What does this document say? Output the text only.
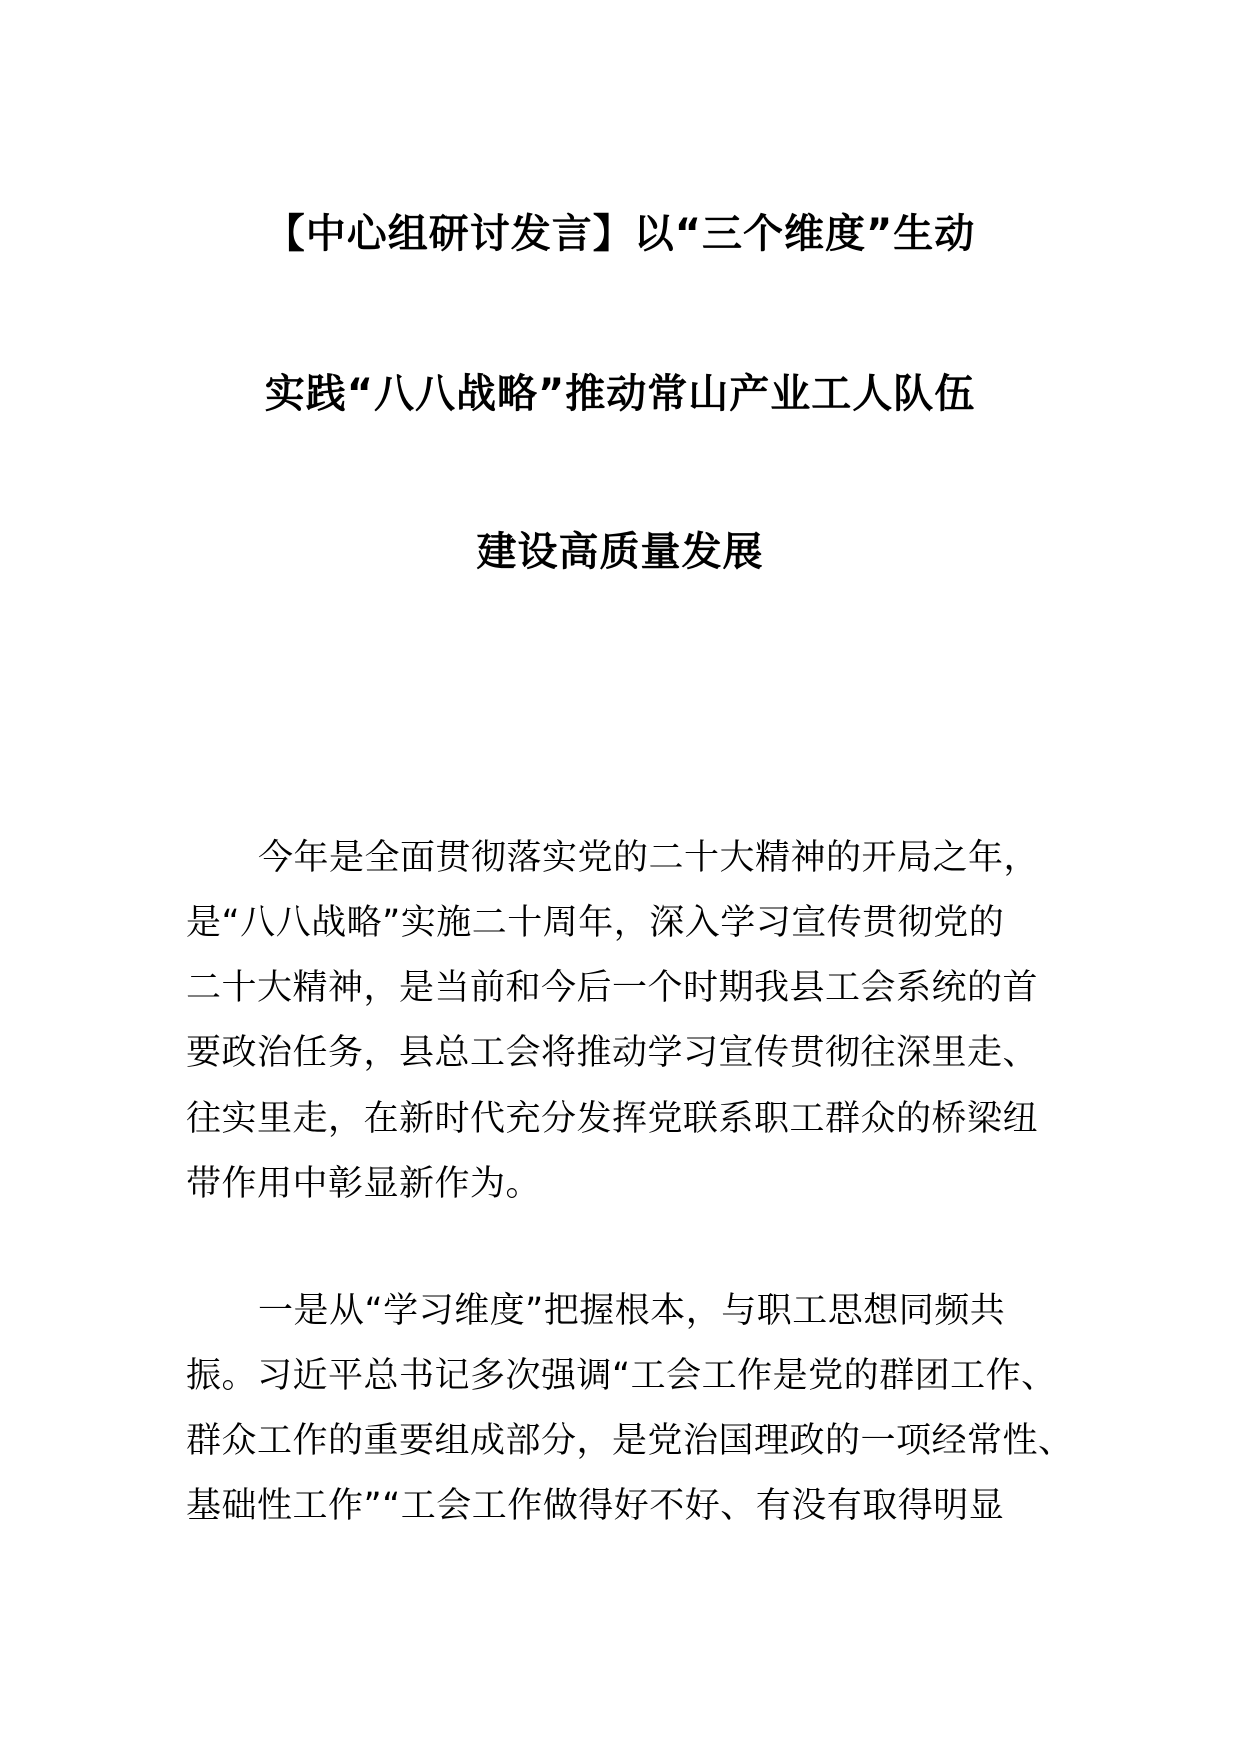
【中心组研讨发言】以“三个维度”生动
实践“八八战略”推动常山产业工人队伍
建设高质量发展
今年是全面贯彻落实党的二十大精神的开局之年，
是“八八战略”实施二十周年，深入学习宣传贯彻党的
二十大精神，是当前和今后一个时期我县工会系统的首
要政治任务，县总工会将推动学习宣传贯彻往深里走、
往实里走，在新时代充分发挥党联系职工群众的桥梁纽
带作用中彰显新作为。
一是从“学习维度”把握根本，与职工思想同频共
振。习近平总书记多次强调“工会工作是党的群团工作、
群众工作的重要组成部分，是党治国理政的一项经常性、
基础性工作”“工会工作做得好不好、有没有取得明显
